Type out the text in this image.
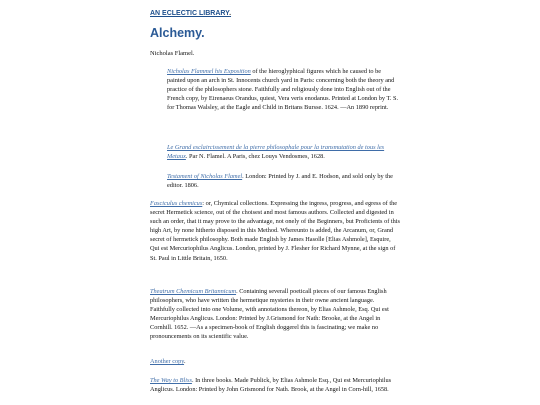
AN ECLECTIC LIBRARY.
Alchemy.
Nicholas Flamel.
Nicholas Flammel his Exposition of the hieroglyphical figures which he caused to be painted upon an arch in St. Innocents church yard in Paris: concerning both the theory and practice of the philosophers stone. Faithfully and religiously done into English out of the French copy, by Eirenaeus Orandus, quiest, Vera veris enodanus. Printed at London by T. S. for Thomas Walsley, at the Eagle and Child in Britans Bursse. 1624. —An 1890 reprint.
Le Grand esclaircissement de la pierre philosophale pour la transmutation de tous les Metaux. Par N. Flamel. A Paris, chez Louys Vendosmes, 1628.
Testament of Nicholas Flamel. London: Printed by J. and E. Hodson, and sold only by the editor. 1806.
Fasciculus chemicus: or, Chymical collections. Expressing the ingress, progress, and egress of the secret Hermetick science, out of the choisest and most famous authors. Collected and digested in such an order, that it may prove to the advantage, not onely of the Beginners, but Proficients of this high Art, by none hitherto disposed in this Method. Whereunto is added, the Arcanum, or, Grand secret of hermetick philosophy. Both made English by James Hasolle [Elias Ashmole], Esquire, Qui est Mercuriophilus Anglicus. London, printed by J. Flesher for Richard Mynne, at the sign of St. Paul in Little Britain, 1650.
Theatrum Chemicum Britannicum. Containing severall poeticall pieces of our famous English philosophers, who have written the hermetique mysteries in their owne ancient language. Faithfully collected into one Volume, with annotations thereon, by Elias Ashmole, Esq. Qui est Mercuriophilus Anglicus. London: Printed by J.Grismond for Nath: Brooke, at the Angel in Cornhill. 1652. —As a specimen-book of English doggerel this is fascinating; we make no pronouncements on its scientific value.
Another copy.
The Way to Bliss. In three books. Made Publick, by Elias Ashmole Esq., Qui est Mercuriophilus Anglicus. London: Printed by John Grismond for Nath. Brook, at the Angel in Corn-hill, 1658.
